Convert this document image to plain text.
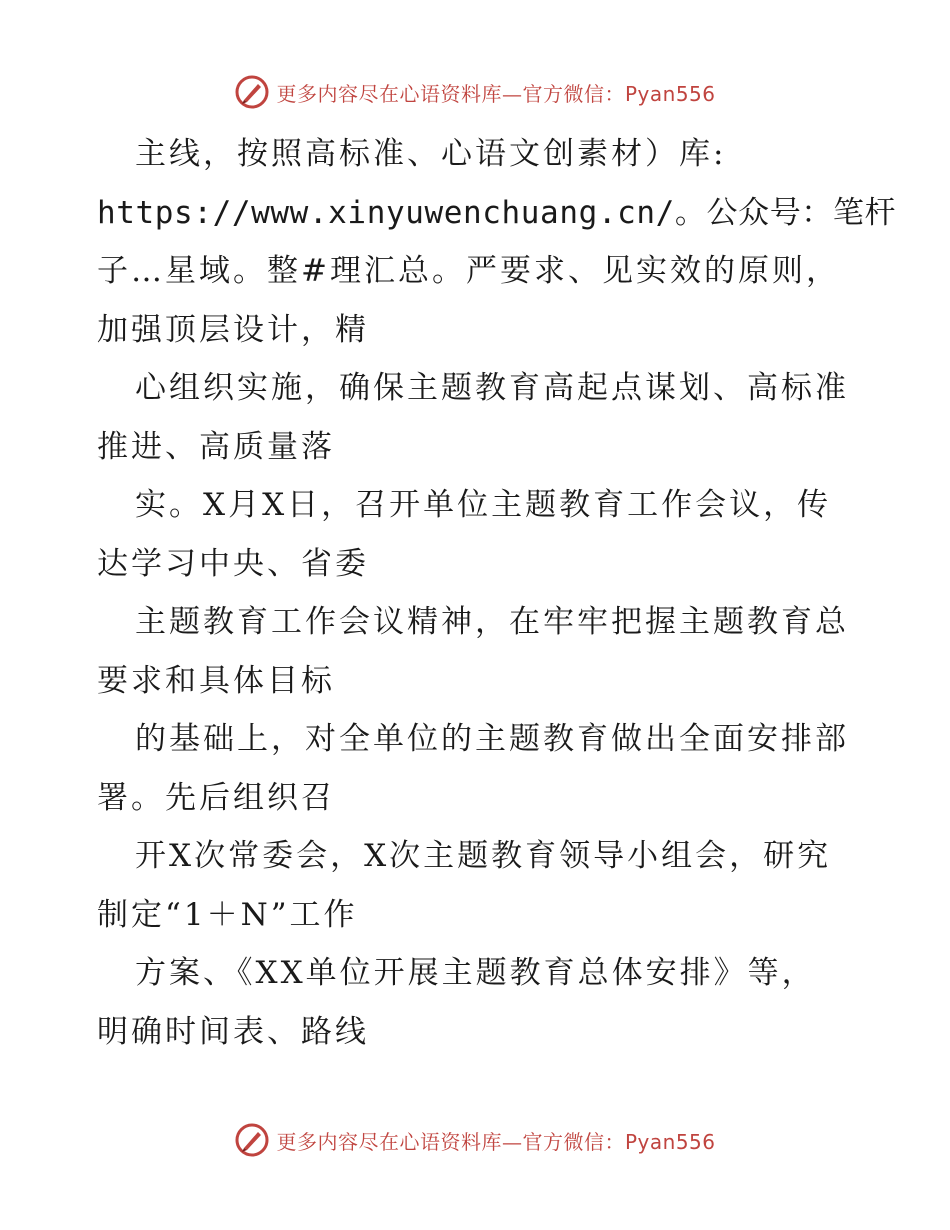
更多内容尽在心语资料库—官方微信：Pyan556
主线，按照高标准、心语文创素材）库:
https://www.xinyuwenchuang.cn/。公众号：笔杆
子…星域。整#理汇总。严要求、见实效的原则，
加强顶层设计，精
心组织实施，确保主题教育高起点谋划、高标准
推进、高质量落
实。X月X日，召开单位主题教育工作会议，传
达学习中央、省委
主题教育工作会议精神，在牢牢把握主题教育总
要求和具体目标
的基础上，对全单位的主题教育做出全面安排部
署。先后组织召
开X次常委会，X次主题教育领导小组会，研究
制定“1＋N”工作
方案、《XX单位开展主题教育总体安排》等，
明确时间表、路线
更多内容尽在心语资料库—官方微信：Pyan556
